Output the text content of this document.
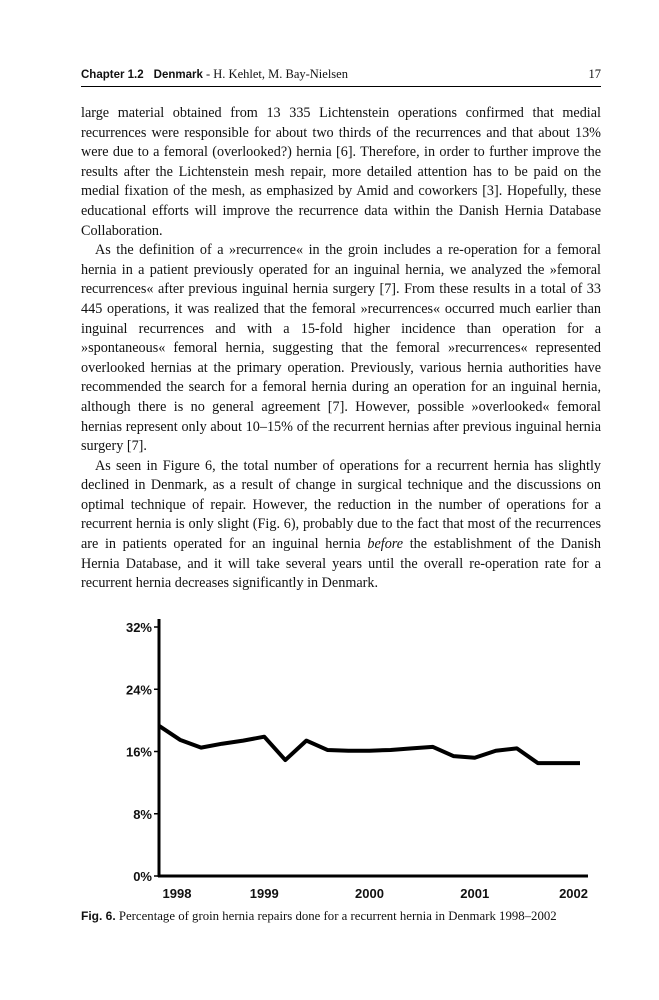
Chapter 1.2 Denmark - H. Kehlet, M. Bay-Nielsen	17

large material obtained from 13 335 Lichtenstein operations confirmed that medial recurrences were responsible for about two thirds of the recurrences and that about 13% were due to a femoral (overlooked?) hernia [6]. Therefore, in order to further improve the results after the Lichtenstein mesh repair, more detailed attention has to be paid on the medial fixation of the mesh, as emphasized by Amid and coworkers [3]. Hopefully, these educational efforts will improve the recurrence data within the Danish Hernia Database Collaboration.

As the definition of a »recurrence« in the groin includes a re-operation for a femoral hernia in a patient previously operated for an inguinal hernia, we analyzed the »femoral recurrences« after previous inguinal hernia surgery [7]. From these results in a total of 33 445 operations, it was realized that the femoral »recurrences« occurred much earlier than inguinal recurrences and with a 15-fold higher incidence than operation for a »spontaneous« femoral hernia, suggesting that the femoral »recurrences« represented overlooked hernias at the primary operation. Previously, various hernia authorities have recommended the search for a femoral hernia during an operation for an inguinal hernia, although there is no general agreement [7]. However, possible »overlooked« femoral hernias represent only about 10–15% of the recurrent hernias after previous inguinal hernia surgery [7].

As seen in Figure 6, the total number of operations for a recurrent hernia has slightly declined in Denmark, as a result of change in surgical technique and the discussions on optimal technique of repair. However, the reduction in the number of operations for a recurrent hernia is only slight (Fig. 6), probably due to the fact that most of the recurrences are in patients operated for an inguinal hernia before the establishment of the Danish Hernia Database, and it will take several years until the overall re-operation rate for a recurrent hernia decreases significantly in Denmark.

0%
8%
16%
24%
32%
1998	1999	2000	2001	2002
Fig. 6. Percentage of groin hernia repairs done for a recurrent hernia in Denmark 1998–2002
